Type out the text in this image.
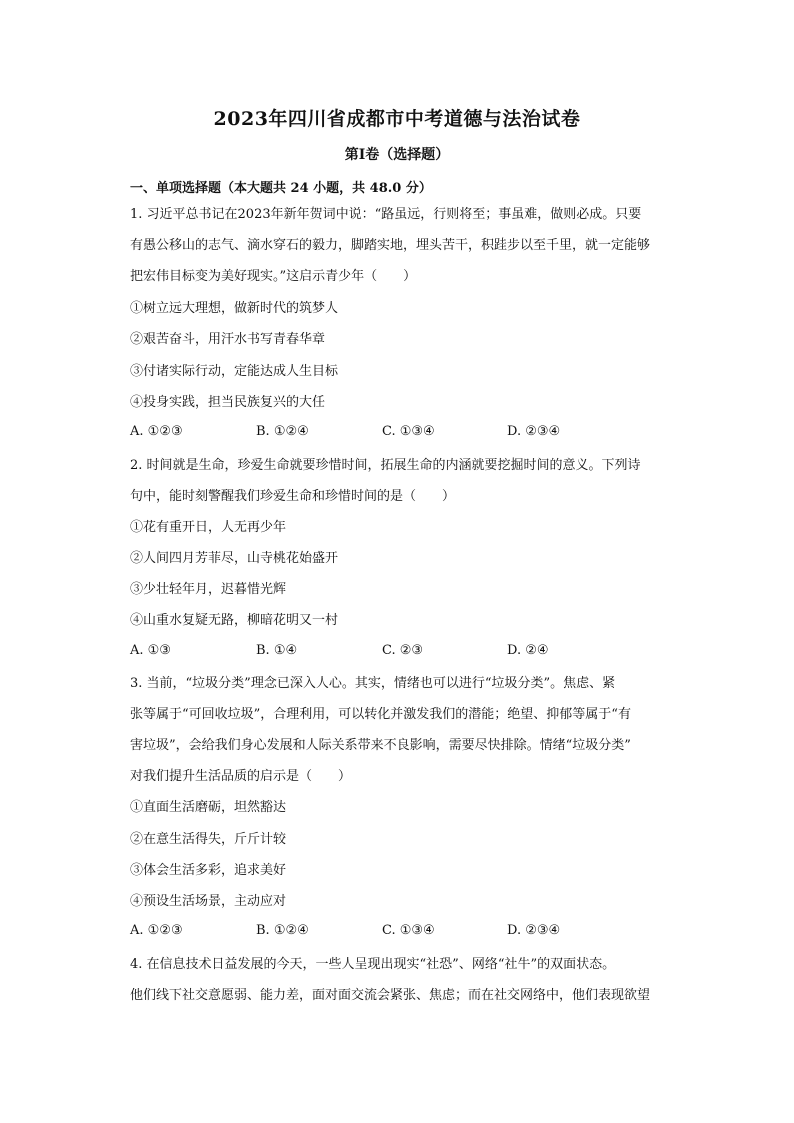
2023年四川省成都市中考道德与法治试卷
第Ⅰ卷（选择题）
一、单项选择题（本大题共 24 小题，共 48.0 分）
1. 习近平总书记在2023年新年贺词中说：“路虽远，行则将至；事虽难，做则必成。只要
有愚公移山的志气、滴水穿石的毅力，脚踏实地，埋头苦干，积跬步以至千里，就一定能够
把宏伟目标变为美好现实。”这启示青少年（　　）
①树立远大理想，做新时代的筑梦人
②艰苦奋斗，用汗水书写青春华章
③付诸实际行动，定能达成人生目标
④投身实践，担当民族复兴的大任
A. ①②③	B. ①②④	C. ①③④	D. ②③④
2. 时间就是生命，珍爱生命就要珍惜时间，拓展生命的内涵就要挖掘时间的意义。下列诗
句中，能时刻警醒我们珍爱生命和珍惜时间的是（　　）
①花有重开日，人无再少年
②人间四月芳菲尽，山寺桃花始盛开
③少壮轻年月，迟暮惜光辉
④山重水复疑无路，柳暗花明又一村
A. ①③	B. ①④	C. ②③	D. ②④
3. 当前，“垃圾分类”理念已深入人心。其实，情绪也可以进行“垃圾分类”。焦虑、紧
张等属于“可回收垃圾”，合理利用，可以转化并激发我们的潜能；绝望、抑郁等属于“有
害垃圾”，会给我们身心发展和人际关系带来不良影响，需要尽快排除。情绪“垃圾分类”
对我们提升生活品质的启示是（　　）
①直面生活磨砺，坦然豁达
②在意生活得失，斤斤计较
③体会生活多彩，追求美好
④预设生活场景，主动应对
A. ①②③	B. ①②④	C. ①③④	D. ②③④
4. 在信息技术日益发展的今天，一些人呈现出现实“社恐”、网络“社牛”的双面状态。
他们线下社交意愿弱、能力差，面对面交流会紧张、焦虑；而在社交网络中，他们表现欲望
